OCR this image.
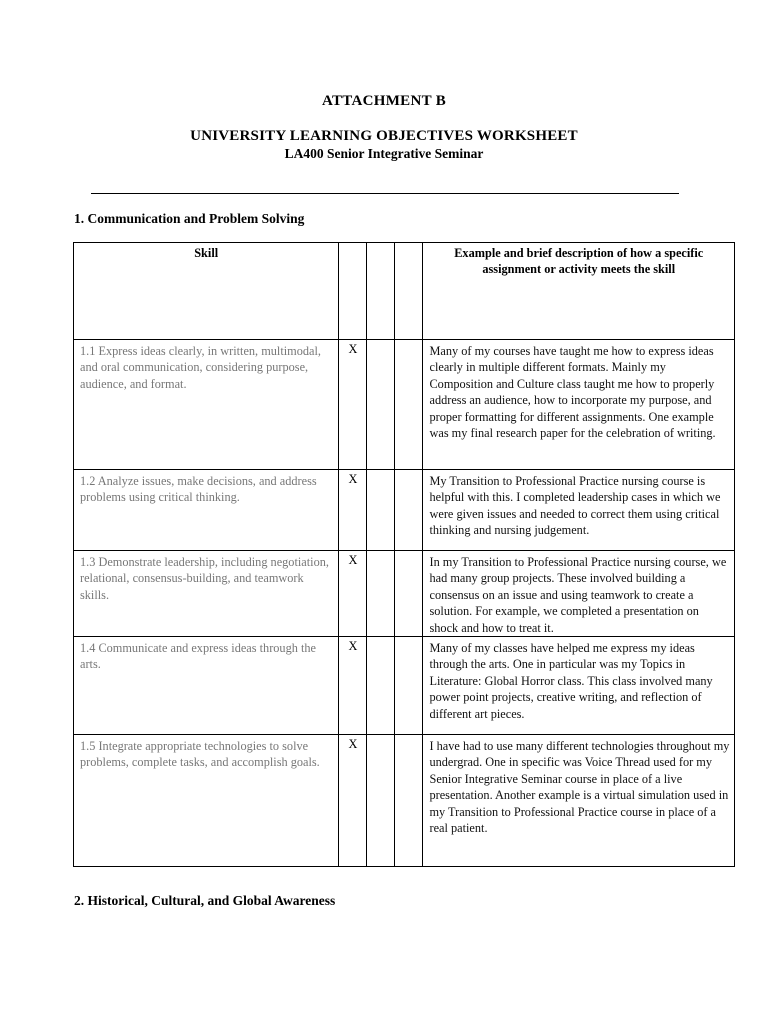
ATTACHMENT B
UNIVERSITY LEARNING OBJECTIVES WORKSHEET
LA400 Senior Integrative Seminar
1. Communication and Problem Solving
Skill				Example and brief description of how a specific assignment or activity meets the skill
1.1 Express ideas clearly, in written, multimodal, and oral communication, considering purpose, audience, and format.	X			Many of my courses have taught me how to express ideas clearly in multiple different formats. Mainly my Composition and Culture class taught me how to properly address an audience, how to incorporate my purpose, and proper formatting for different assignments. One example was my final research paper for the celebration of writing.
1.2 Analyze issues, make decisions, and address problems using critical thinking.	X			My Transition to Professional Practice nursing course is helpful with this. I completed leadership cases in which we were given issues and needed to correct them using critical thinking and nursing judgement.
1.3 Demonstrate leadership, including negotiation, relational, consensus-building, and teamwork skills.	X			In my Transition to Professional Practice nursing course, we had many group projects. These involved building a consensus on an issue and using teamwork to create a solution. For example, we completed a presentation on shock and how to treat it.
1.4 Communicate and express ideas through the arts.	X			Many of my classes have helped me express my ideas through the arts. One in particular was my Topics in Literature: Global Horror class. This class involved many power point projects, creative writing, and reflection of different art pieces.
1.5 Integrate appropriate technologies to solve problems, complete tasks, and accomplish goals.	X			I have had to use many different technologies throughout my undergrad. One in specific was Voice Thread used for my Senior Integrative Seminar course in place of a live presentation. Another example is a virtual simulation used in my Transition to Professional Practice course in place of a real patient.
2. Historical, Cultural, and Global Awareness
